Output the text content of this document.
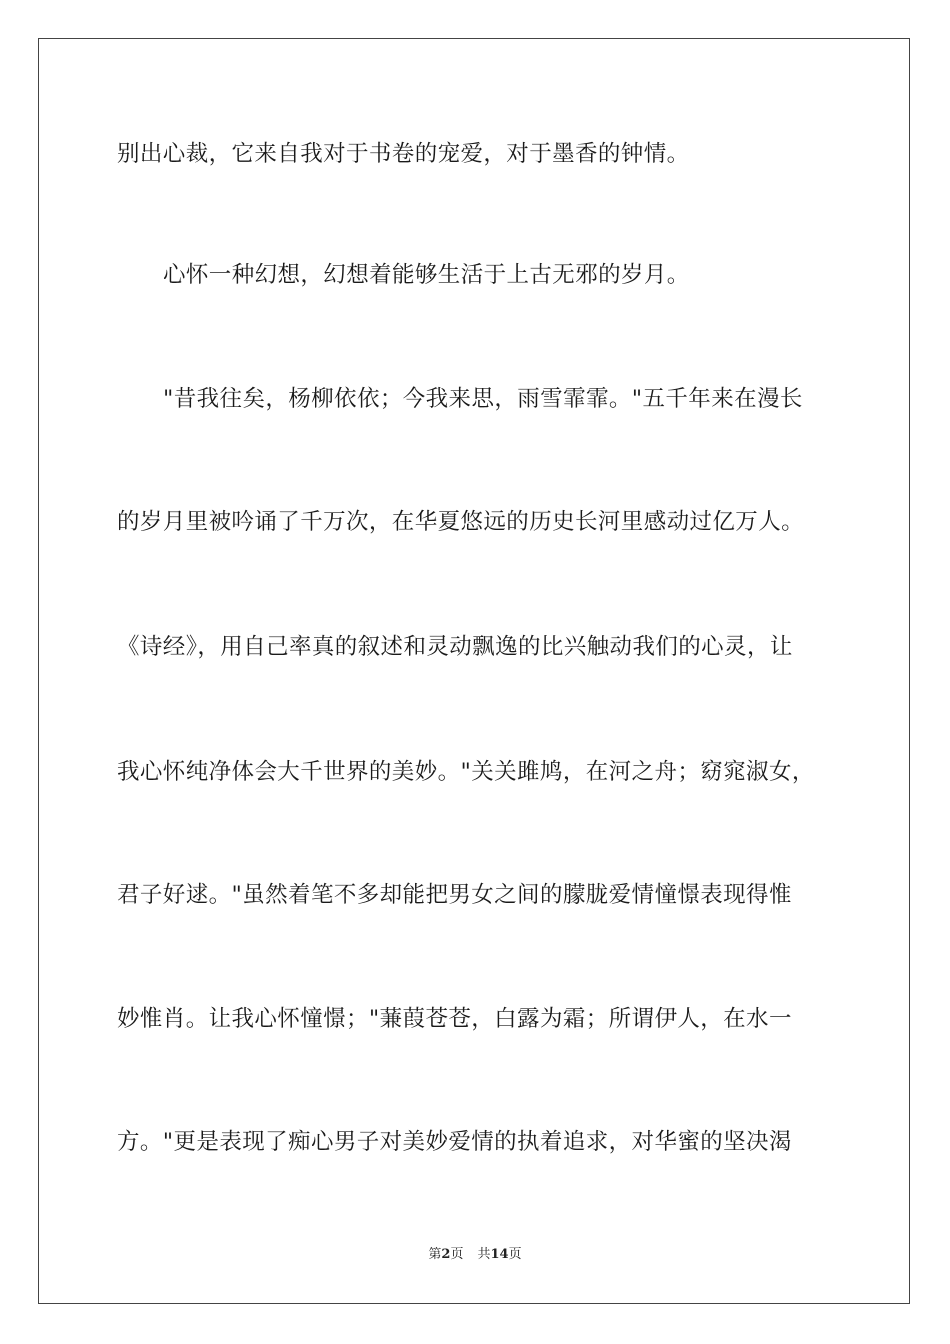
别出心裁，它来自我对于书卷的宠爱，对于墨香的钟情。
心怀一种幻想，幻想着能够生活于上古无邪的岁月。
"昔我往矣，杨柳依依；今我来思，雨雪霏霏。"五千年来在漫长
的岁月里被吟诵了千万次，在华夏悠远的历史长河里感动过亿万人。
《诗经》，用自己率真的叙述和灵动飘逸的比兴触动我们的心灵，让
我心怀纯净体会大千世界的美妙。"关关雎鸠，在河之舟；窈窕淑女，
君子好逑。"虽然着笔不多却能把男女之间的朦胧爱情憧憬表现得惟
妙惟肖。让我心怀憧憬；"蒹葭苍苍，白露为霜；所谓伊人，在水一
方。"更是表现了痴心男子对美妙爱情的执着追求，对华蜜的坚决渴
第2页 共14页
